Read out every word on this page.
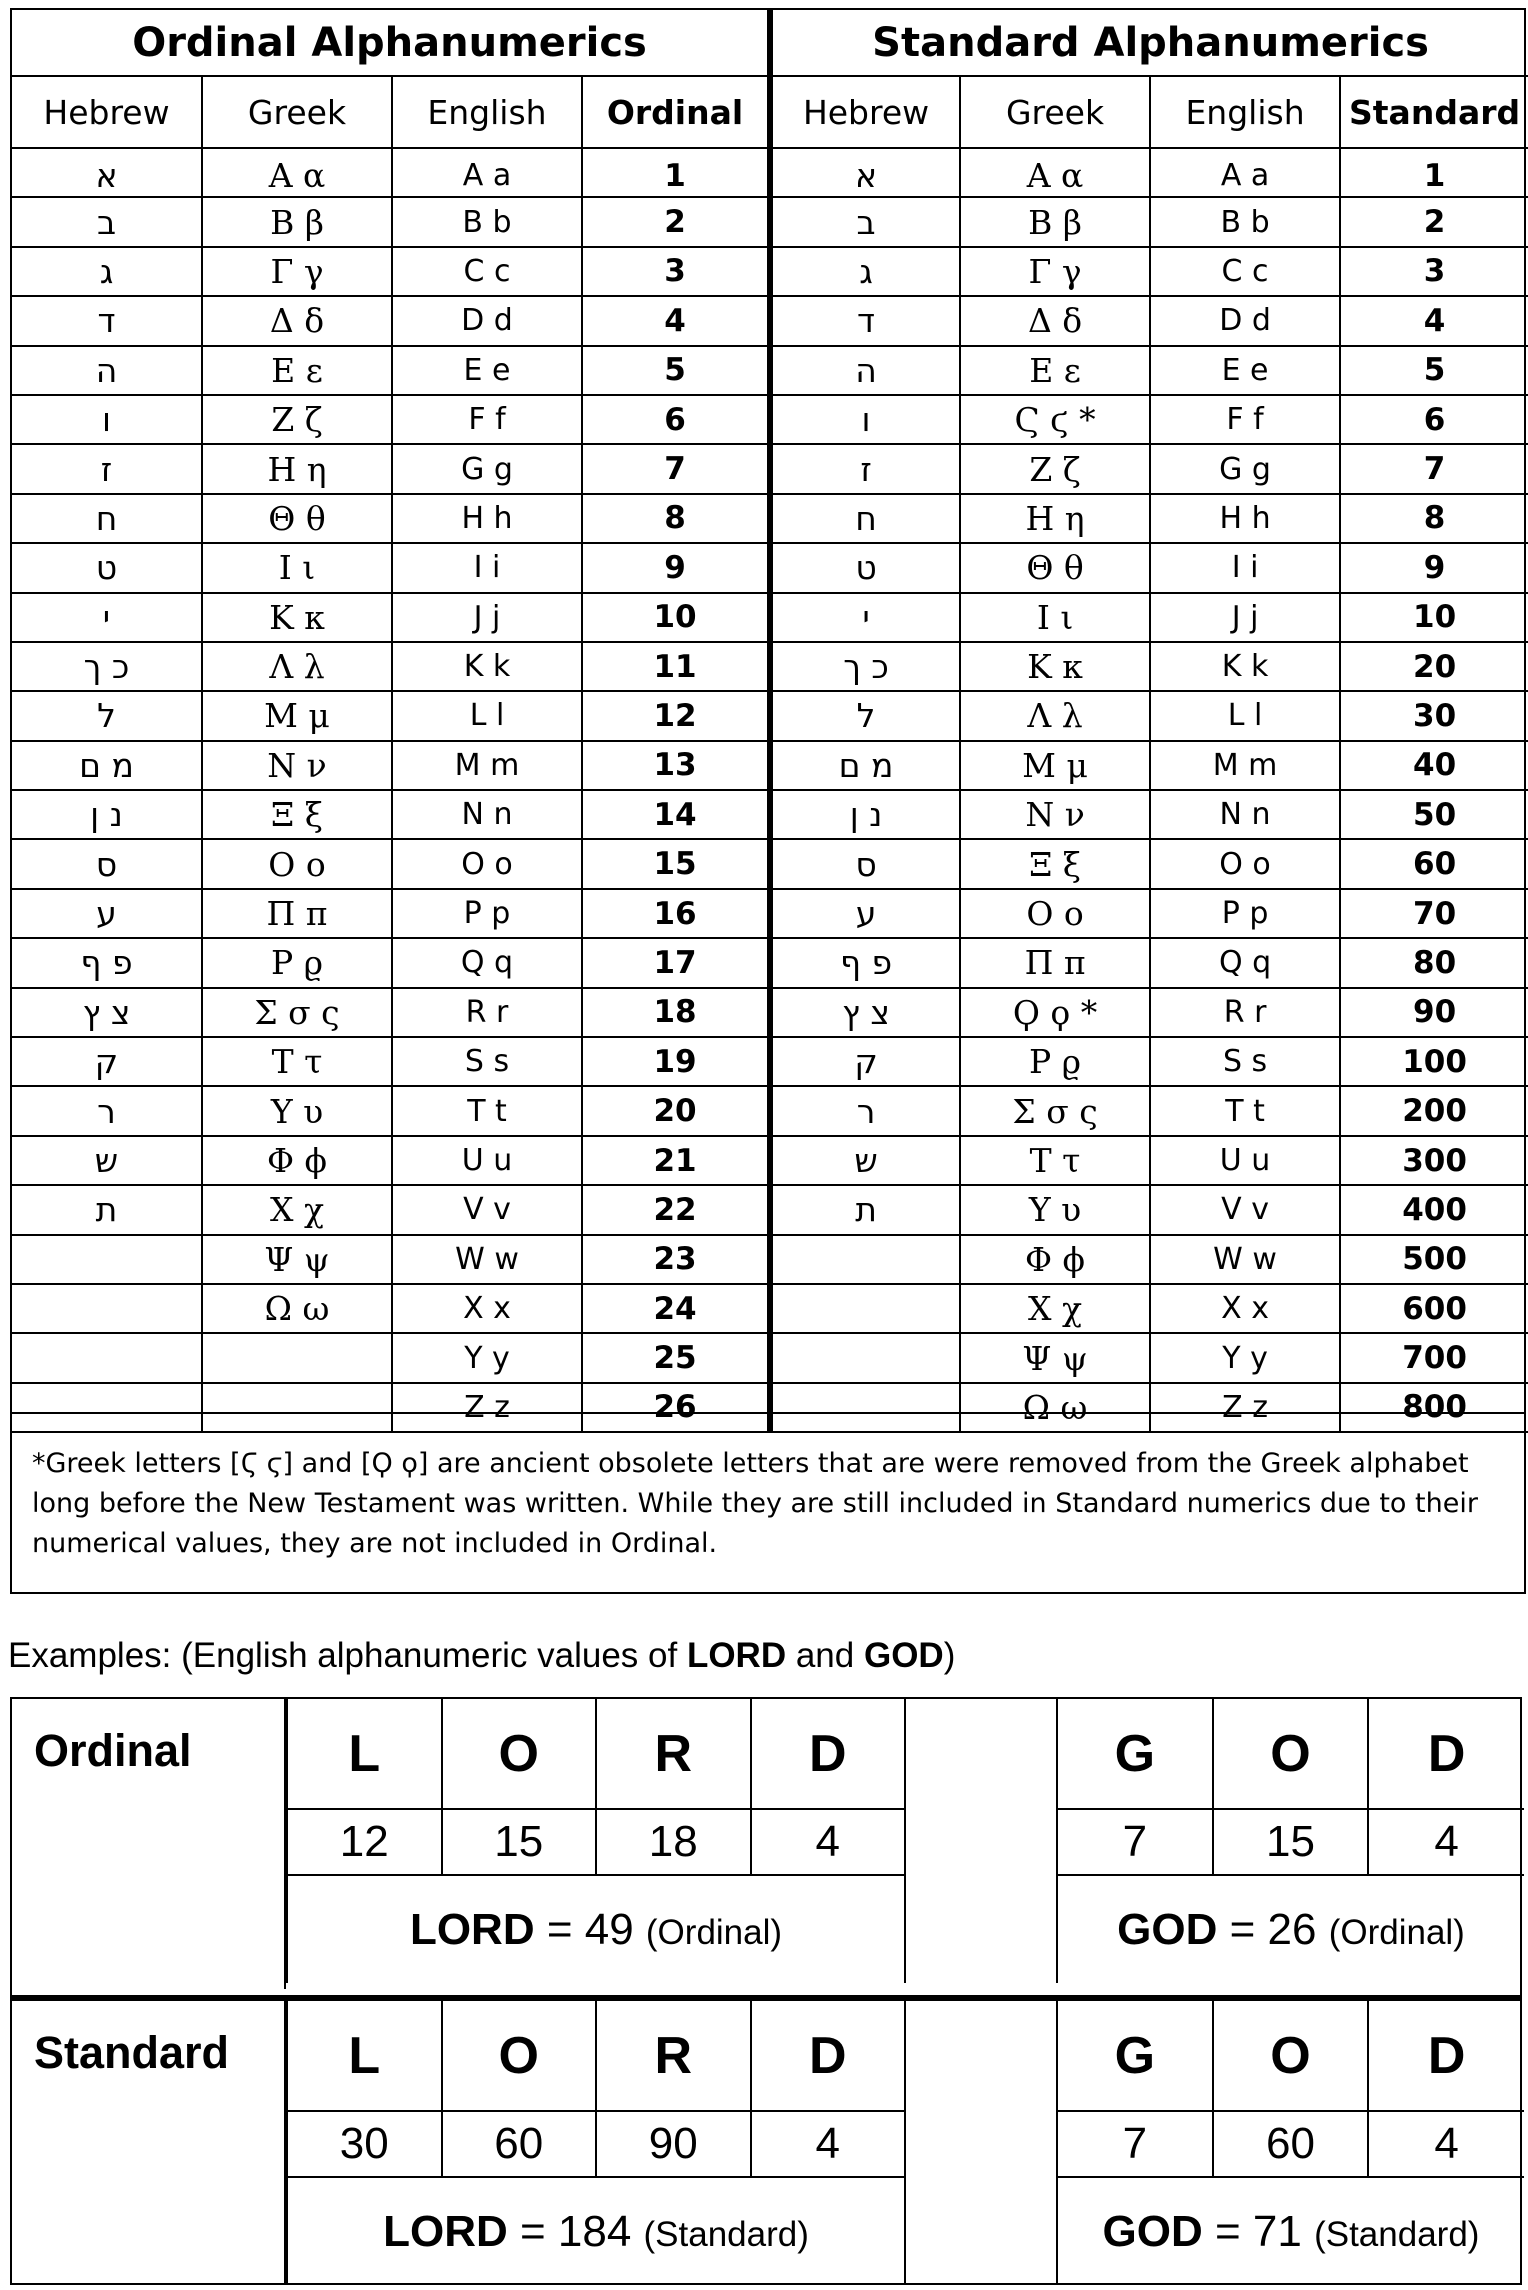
Ordinal Alphanumerics				Standard Alphanumerics			
Hebrew	Greek	English	Ordinal	Hebrew	Greek	English	Standard
א	Α α	A a	1	א	Α α	A a	1
ב	Β β	B b	2	ב	Β β	B b	2
ג	Γ γ	C c	3	ג	Γ γ	C c	3
ד	Δ δ	D d	4	ד	Δ δ	D d	4
ה	Ε ε	E e	5	ה	Ε ε	E e	5
ו	Ζ ζ	F f	6	ו	Ϛ ϛ *	F f	6
ז	Η η	G g	7	ז	Ζ ζ	G g	7
ח	Θ θ	H h	8	ח	Η η	H h	8
ט	Ι ι	I i	9	ט	Θ θ	I i	9
י	Κ κ	J j	10	י	Ι ι	J j	10
כ ך	Λ λ	K k	11	כ ך	Κ κ	K k	20
ל	Μ μ	L l	12	ל	Λ λ	L l	30
מ ם	Ν ν	M m	13	מ ם	Μ μ	M m	40
נ ן	Ξ ξ	N n	14	נ ן	Ν ν	N n	50
ס	Ο ο	O o	15	ס	Ξ ξ	O o	60
ע	Π π	P p	16	ע	Ο ο	P p	70
פ ף	Ρ ϱ	Q q	17	פ ף	Π π	Q q	80
צ ץ	Σ σ ς	R r	18	צ ץ	Ϙ ϙ *	R r	90
ק	Τ τ	S s	19	ק	Ρ ϱ	S s	100
ר	Υ υ	T t	20	ר	Σ σ ς	T t	200
ש	Φ ϕ	U u	21	ש	Τ τ	U u	300
ת	Χ χ	V v	22	ת	Υ υ	V v	400
	Ψ ψ	W w	23		Φ ϕ	W w	500
	Ω ω	X x	24		Χ χ	X x	600
		Y y	25		Ψ ψ	Y y	700
		Z z	26		Ω ω	Z z	800
*Greek letters [Ϛ ϛ] and [Ϙ ϙ] are ancient obsolete letters that are were removed from the Greek alphabet long before the New Testament was written. While they are still included in Standard numerics due to their numerical values, they are not included in Ordinal.
Examples: (English alphanumeric values of LORD and GOD)
Ordinal	L	O	R	D
12	15	18	4
LORD = 49 (Ordinal)			
G	O	D
7	15	4
GOD = 26 (Ordinal)		
Standard	L	O	R	D
30	60	90	4
LORD = 184 (Standard)			
G	O	D
7	60	4
GOD = 71 (Standard)		
